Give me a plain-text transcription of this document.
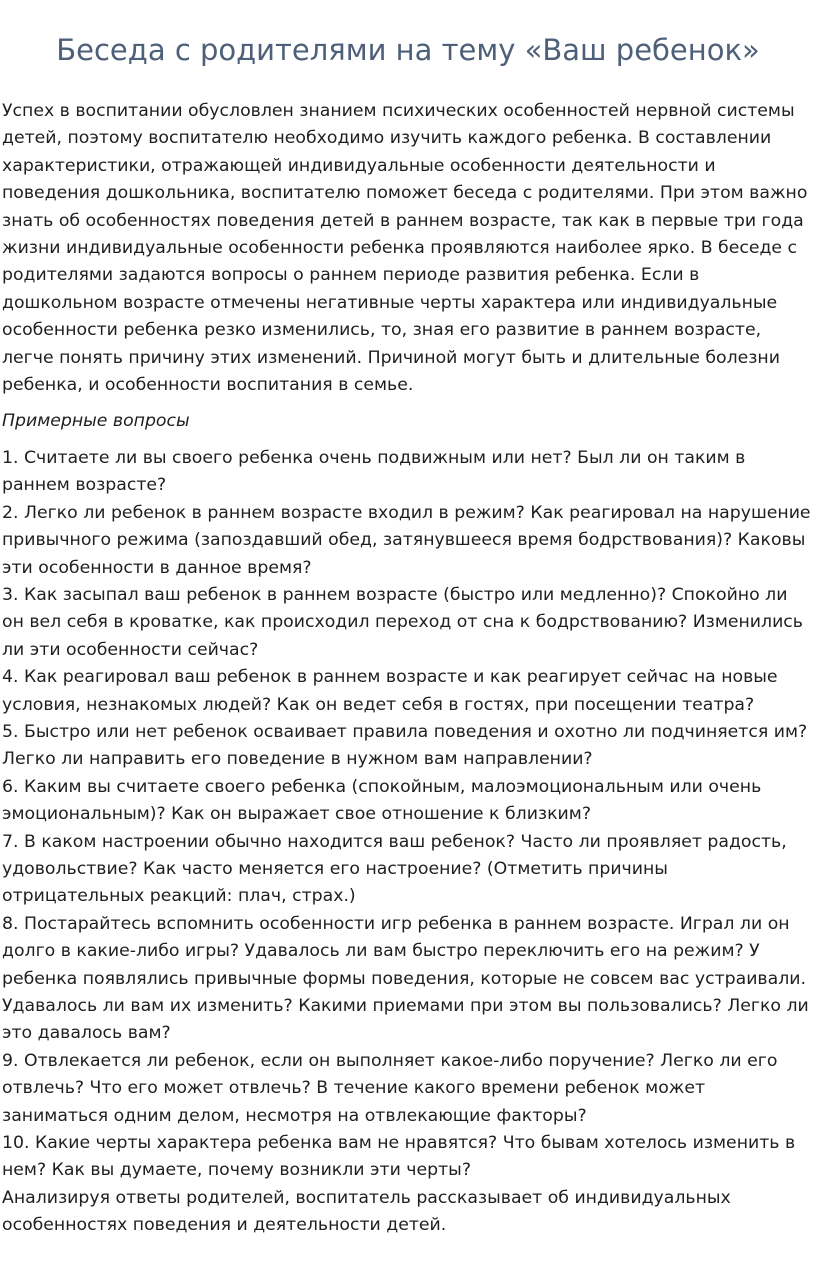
Беседа с родителями на тему «Ваш ребенок»

Успех в воспитании обусловлен знанием психических особенностей нервной системы детей, поэтому воспитателю необходимо изучить каждого ребенка. В составлении характеристики, отражающей индивидуальные особенности деятельности и поведения дошкольника, воспитателю поможет беседа с родителями. При этом важно знать об особенностях поведения детей в раннем возрасте, так как в первые три года жизни индивидуальные особенности ребенка проявляются наиболее ярко. В беседе с родителями задаются вопросы о раннем периоде развития ребенка. Если в дошкольном возрасте отмечены негативные черты характера или индивидуальные особенности ребенка резко изменились, то, зная его развитие в раннем возрасте, легче понять причину этих изменений. Причиной могут быть и длительные болезни ребенка, и особенности воспитания в семье.

Примерные вопросы

1. Считаете ли вы своего ребенка очень подвижным или нет? Был ли он таким в раннем возрасте?

2. Легко ли ребенок в раннем возрасте входил в режим? Как реагировал на нарушение привычного режима (запоздавший обед, затянувшееся время бодрствования)? Каковы эти особенности в данное время?

3. Как засыпал ваш ребенок в раннем возрасте (быстро или медленно)? Спокойно ли он вел себя в кроватке, как происходил переход от сна к бодрствованию? Изменились ли эти особенности сейчас?

4. Как реагировал ваш ребенок в раннем возрасте и как реагирует сейчас на новые условия, незнакомых людей? Как он ведет себя в гостях, при посещении театра?

5. Быстро или нет ребенок осваивает правила поведения и охотно ли подчиняется им? Легко ли направить его поведение в нужном вам направлении?

6. Каким вы считаете своего ребенка (спокойным, малоэмоциональным или очень эмоциональным)? Как он выражает свое отношение к близким?

7. В каком настроении обычно находится ваш ребенок? Часто ли проявляет радость, удовольствие? Как часто меняется его настроение? (Отметить причины отрицательных реакций: плач, страх.)

8. Постарайтесь вспомнить особенности игр ребенка в раннем возрасте. Играл ли он долго в какие-либо игры? Удавалось ли вам быстро переключить его на режим? У ребенка появлялись привычные формы поведения, которые не совсем вас устраивали. Удавалось ли вам их изменить? Какими приемами при этом вы пользовались? Легко ли это давалось вам?

9. Отвлекается ли ребенок, если он выполняет какое-либо поручение? Легко ли его отвлечь? Что его может отвлечь? В течение какого времени ребенок может заниматься одним делом, несмотря на отвлекающие факторы?

10. Какие черты характера ребенка вам не нравятся? Что бывам хотелось изменить в нем? Как вы думаете, почему возникли эти черты?

Анализируя ответы родителей, воспитатель рассказывает об индивидуальных особенностях поведения и деятельности детей.
